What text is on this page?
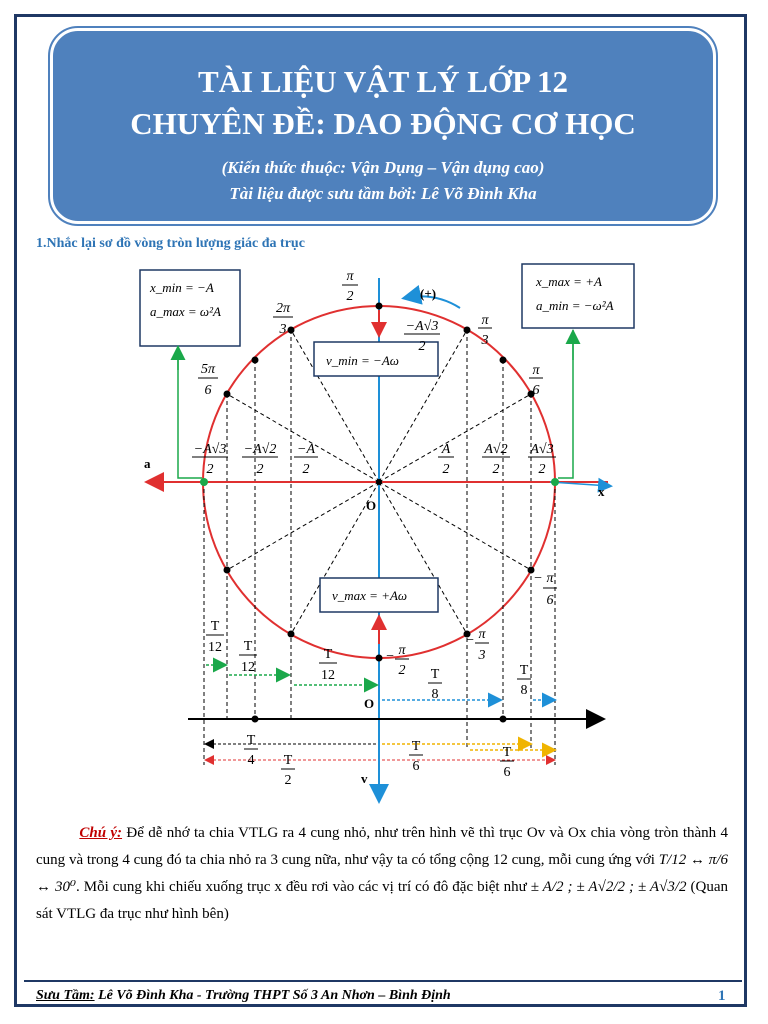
TÀI LIỆU VẬT LÝ LỚP 12
CHUYÊN ĐỀ: DAO ĐỘNG CƠ HỌC
(Kiến thức thuộc: Vận Dụng – Vận dụng cao)
Tài liệu được sưu tầm bởi: Lê Võ Đình Kha
1.Nhắc lại sơ đồ vòng tròn lượng giác đa trục
a
x
v
O
(+)
x_min = −A
a_max = ω²A
x_max = +A
a_min = −ω²A
v_min = −Aω
v_max = +Aω
π
2
2π
3
5π
6
π
3
π
6
− π
6
− π
3
− π
2
−A√3
2
−A√3
2
−A√2
2
−A
2
A
2
A√2
2
A√3
2
O
T
12 T
12
T
12	T
8
T
8
T
4
T
6
T
6
T
2
Chú ý: Để dễ nhớ ta chia VTLG ra 4 cung nhỏ, như trên hình vẽ thì trục Ov và Ox chia vòng tròn thành 4 cung và trong 4 cung đó ta chia nhỏ ra 3 cung nữa, như vậy ta có tổng cộng 12 cung, mỗi cung ứng với T/12 ↔ π/6 ↔ 30⁰. Mỗi cung khi chiếu xuống trục x đều rơi vào các vị trí có đô đặc biệt như ± A/2 ; ± A√2/2 ; ± A√3/2 (Quan sát VTLG đa trục như hình bên)
Sưu Tầm: Lê Võ Đình Kha - Trường THPT Số 3 An Nhơn – Bình Định	1
